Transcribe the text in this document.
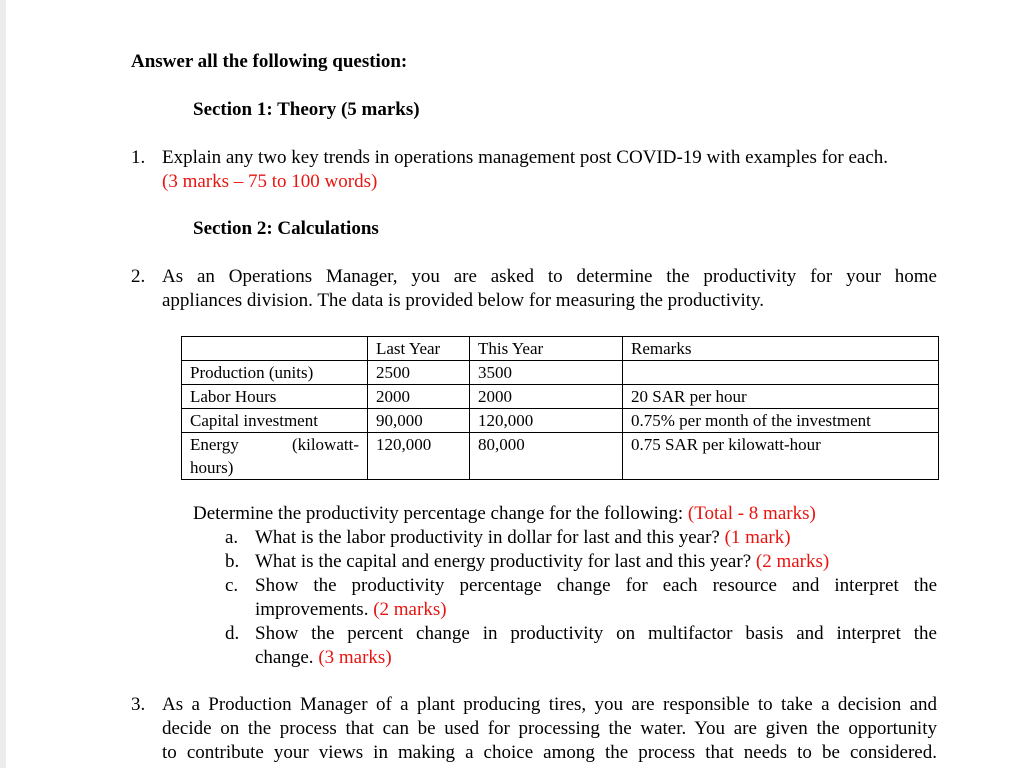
Answer all the following question:
Section 1: Theory (5 marks)
1. Explain any two key trends in operations management post COVID-19 with examples for each.
(3 marks – 75 to 100 words)
Section 2: Calculations
2. As an Operations Manager, you are asked to determine the productivity for your home
appliances division. The data is provided below for measuring the productivity.
	Last Year	This Year	Remarks
Production (units)	2500	3500	
Labor Hours	2000	2000	20 SAR per hour
Capital investment	90,000	120,000	0.75% per month of the investment

Energy (kilowatt-
hours)	120,000	80,000	0.75 SAR per kilowatt-hour
Determine the productivity percentage change for the following: (Total - 8 marks)
a. What is the labor productivity in dollar for last and this year? (1 mark)
b. What is the capital and energy productivity for last and this year? (2 marks)
c. Show the productivity percentage change for each resource and interpret the
improvements. (2 marks)
d. Show the percent change in productivity on multifactor basis and interpret the
change. (3 marks)
3. As a Production Manager of a plant producing tires, you are responsible to take a decision and
decide on the process that can be used for processing the water. You are given the opportunity
to contribute your views in making a choice among the process that needs to be considered.
